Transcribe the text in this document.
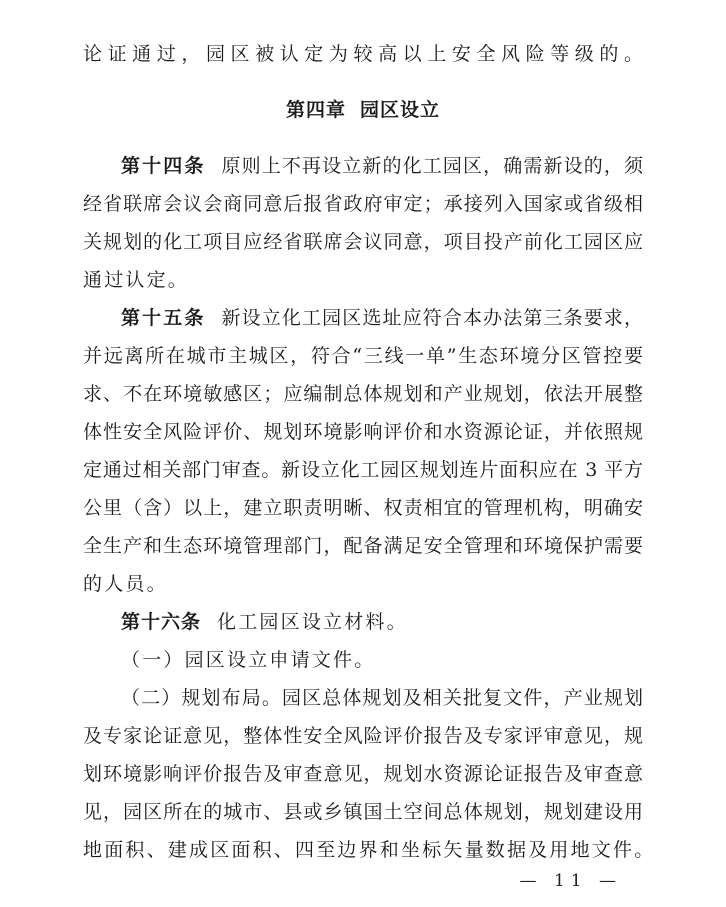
论证通过，园区被认定为较高以上安全风险等级的。
第四章 园区设立
第十四条 原则上不再设立新的化工园区，确需新设的，须
经省联席会议会商同意后报省政府审定；承接列入国家或省级相
关规划的化工项目应经省联席会议同意，项目投产前化工园区应
通过认定。
第十五条 新设立化工园区选址应符合本办法第三条要求，
并远离所在城市主城区，符合“三线一单”生态环境分区管控要
求、不在环境敏感区；应编制总体规划和产业规划，依法开展整
体性安全风险评价、规划环境影响评价和水资源论证，并依照规
定通过相关部门审查。新设立化工园区规划连片面积应在 3 平方
公里（含）以上，建立职责明晰、权责相宜的管理机构，明确安
全生产和生态环境管理部门，配备满足安全管理和环境保护需要
的人员。
第十六条 化工园区设立材料。
（一）园区设立申请文件。
（二）规划布局。园区总体规划及相关批复文件，产业规划
及专家论证意见，整体性安全风险评价报告及专家评审意见，规
划环境影响评价报告及审查意见，规划水资源论证报告及审查意
见，园区所在的城市、县或乡镇国土空间总体规划，规划建设用
地面积、建成区面积、四至边界和坐标矢量数据及用地文件。
— 11 —
